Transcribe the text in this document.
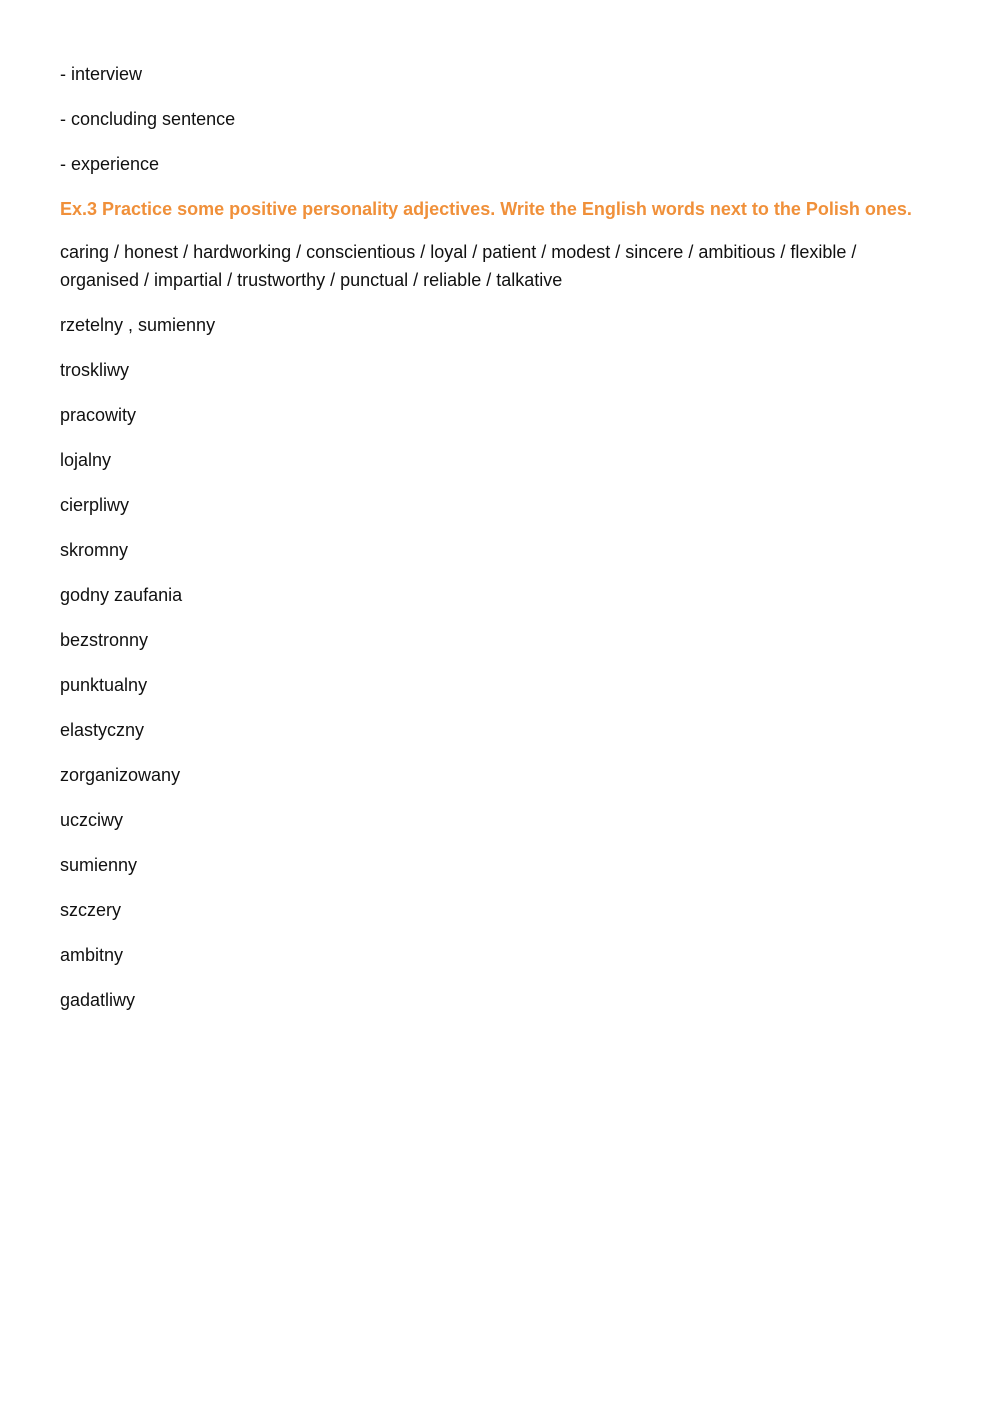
- interview
- concluding sentence
- experience
Ex.3 Practice some positive personality adjectives. Write the English words next to the Polish ones.
caring / honest / hardworking / conscientious / loyal / patient / modest / sincere / ambitious / flexible / organised / impartial / trustworthy / punctual / reliable / talkative
rzetelny , sumienny
troskliwy
pracowity
lojalny
cierpliwy
skromny
godny zaufania
bezstronny
punktualny
elastyczny
zorganizowany
uczciwy
sumienny
szczery
ambitny
gadatliwy
